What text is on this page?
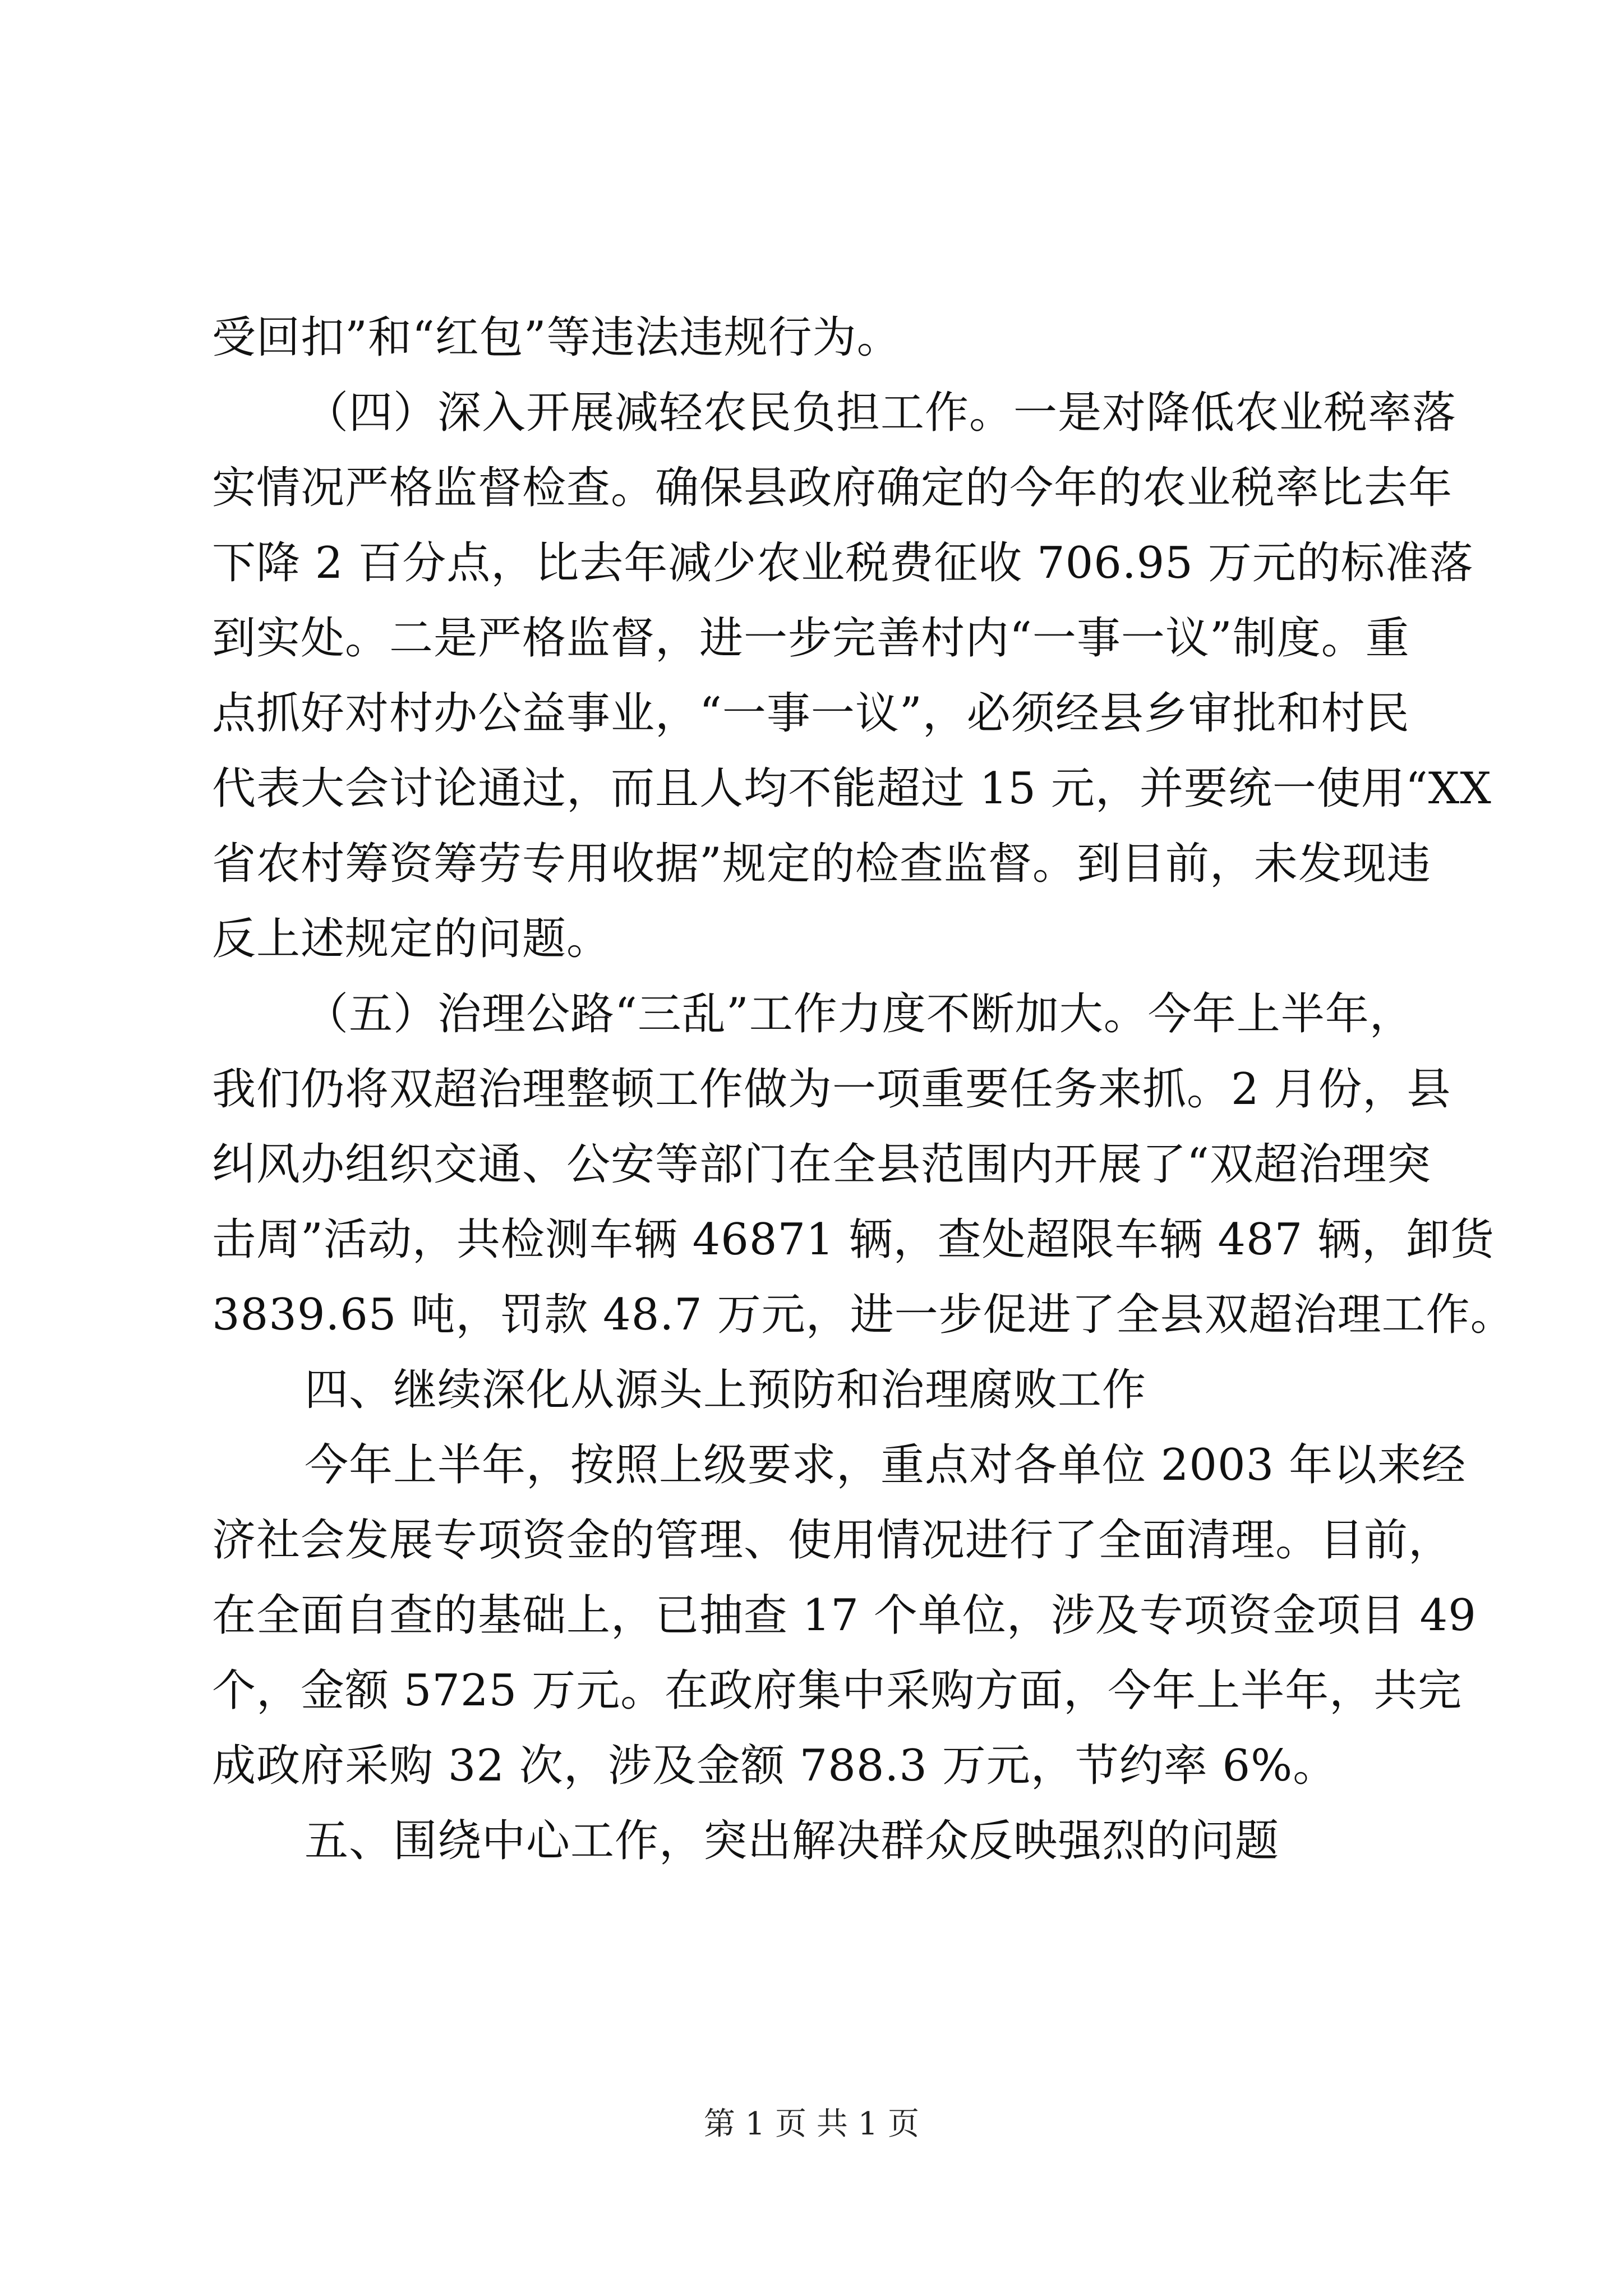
受回扣”和“红包”等违法违规行为。
（四）深入开展减轻农民负担工作。一是对降低农业税率落
实情况严格监督检查。确保县政府确定的今年的农业税率比去年
下降 2 百分点，比去年减少农业税费征收 706.95 万元的标准落
到实处。二是严格监督，进一步完善村内“一事一议”制度。重
点抓好对村办公益事业，“一事一议”，必须经县乡审批和村民
代表大会讨论通过，而且人均不能超过 15 元，并要统一使用“XX
省农村筹资筹劳专用收据”规定的检查监督。到目前，未发现违
反上述规定的问题。
（五）治理公路“三乱”工作力度不断加大。今年上半年，
我们仍将双超治理整顿工作做为一项重要任务来抓。2 月份，县
纠风办组织交通、公安等部门在全县范围内开展了“双超治理突
击周”活动，共检测车辆 46871 辆，查处超限车辆 487 辆，卸货
3839.65 吨，罚款 48.7 万元，进一步促进了全县双超治理工作。
四、继续深化从源头上预防和治理腐败工作
今年上半年，按照上级要求，重点对各单位 2003 年以来经
济社会发展专项资金的管理、使用情况进行了全面清理。目前，
在全面自查的基础上，已抽查 17 个单位，涉及专项资金项目 49
个，金额 5725 万元。在政府集中采购方面，今年上半年，共完
成政府采购 32 次，涉及金额 788.3 万元，节约率 6%。
五、围绕中心工作，突出解决群众反映强烈的问题
第 1 页 共 1 页
